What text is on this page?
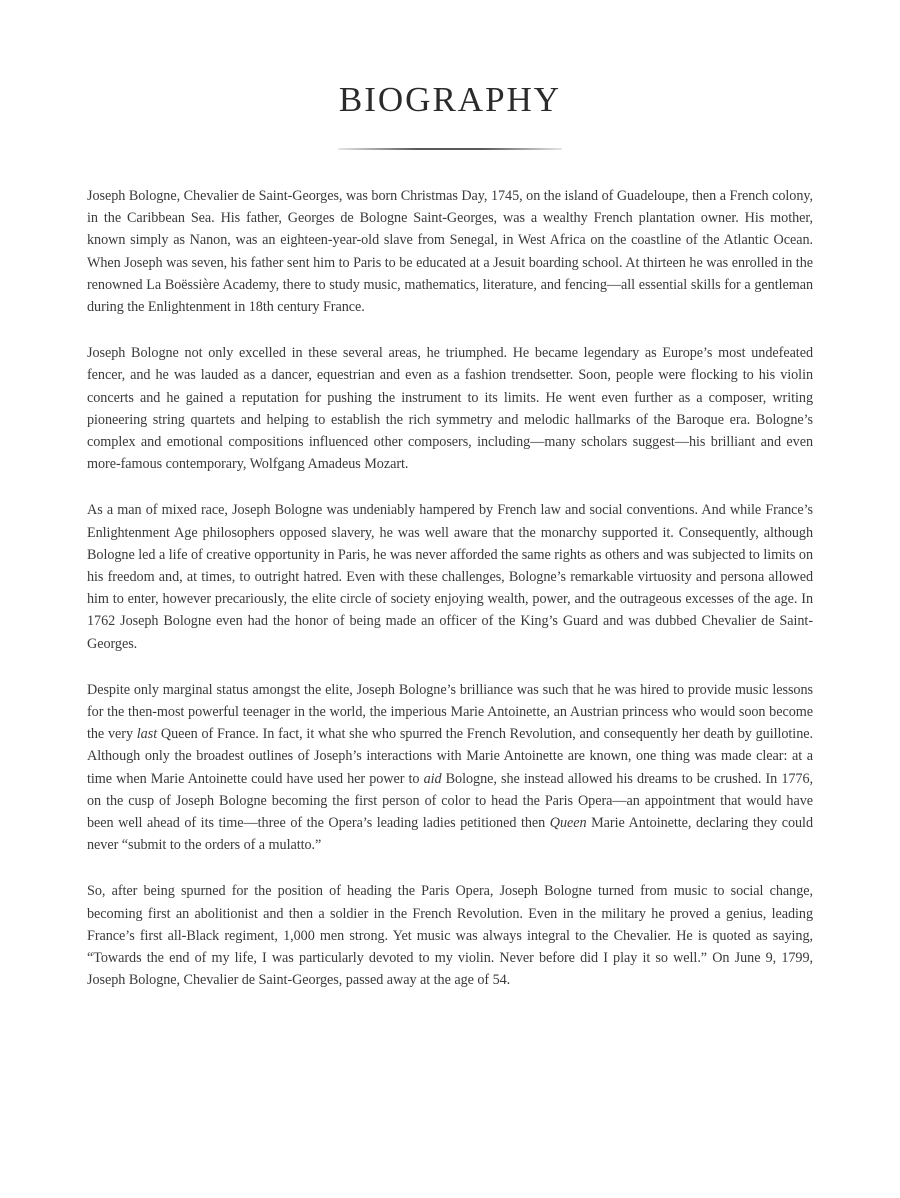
BIOGRAPHY

Joseph Bologne, Chevalier de Saint-Georges, was born Christmas Day, 1745, on the island of Guadeloupe, then a French colony, in the Caribbean Sea. His father, Georges de Bologne Saint-Georges, was a wealthy French plantation owner. His mother, known simply as Nanon, was an eighteen-year-old slave from Senegal, in West Africa on the coastline of the Atlantic Ocean. When Joseph was seven, his father sent him to Paris to be educated at a Jesuit boarding school. At thirteen he was enrolled in the renowned La Boëssière Academy, there to study music, mathematics, literature, and fencing—all essential skills for a gentleman during the Enlightenment in 18th century France.

Joseph Bologne not only excelled in these several areas, he triumphed. He became legendary as Europe’s most undefeated fencer, and he was lauded as a dancer, equestrian and even as a fashion trendsetter. Soon, people were flocking to his violin concerts and he gained a reputation for pushing the instrument to its limits. He went even further as a composer, writing pioneering string quartets and helping to establish the rich symmetry and melodic hallmarks of the Baroque era. Bologne’s complex and emotional compositions influenced other composers, including—many scholars suggest—his brilliant and even more-famous contemporary, Wolfgang Amadeus Mozart.

As a man of mixed race, Joseph Bologne was undeniably hampered by French law and social conventions. And while France’s Enlightenment Age philosophers opposed slavery, he was well aware that the monarchy supported it. Consequently, although Bologne led a life of creative opportunity in Paris, he was never afforded the same rights as others and was subjected to limits on his freedom and, at times, to outright hatred. Even with these challenges, Bologne’s remarkable virtuosity and persona allowed him to enter, however precariously, the elite circle of society enjoying wealth, power, and the outrageous excesses of the age. In 1762 Joseph Bologne even had the honor of being made an officer of the King’s Guard and was dubbed Chevalier de Saint-Georges.

Despite only marginal status amongst the elite, Joseph Bologne’s brilliance was such that he was hired to provide music lessons for the then-most powerful teenager in the world, the imperious Marie Antoinette, an Austrian princess who would soon become the very last Queen of France. In fact, it what she who spurred the French Revolution, and consequently her death by guillotine. Although only the broadest outlines of Joseph’s interactions with Marie Antoinette are known, one thing was made clear: at a time when Marie Antoinette could have used her power to aid Bologne, she instead allowed his dreams to be crushed. In 1776, on the cusp of Joseph Bologne becoming the first person of color to head the Paris Opera—an appointment that would have been well ahead of its time—three of the Opera’s leading ladies petitioned then Queen Marie Antoinette, declaring they could never “submit to the orders of a mulatto.”

So, after being spurned for the position of heading the Paris Opera, Joseph Bologne turned from music to social change, becoming first an abolitionist and then a soldier in the French Revolution. Even in the military he proved a genius, leading France’s first all-Black regiment, 1,000 men strong. Yet music was always integral to the Chevalier. He is quoted as saying, “Towards the end of my life, I was particularly devoted to my violin. Never before did I play it so well.” On June 9, 1799, Joseph Bologne, Chevalier de Saint-Georges, passed away at the age of 54.
